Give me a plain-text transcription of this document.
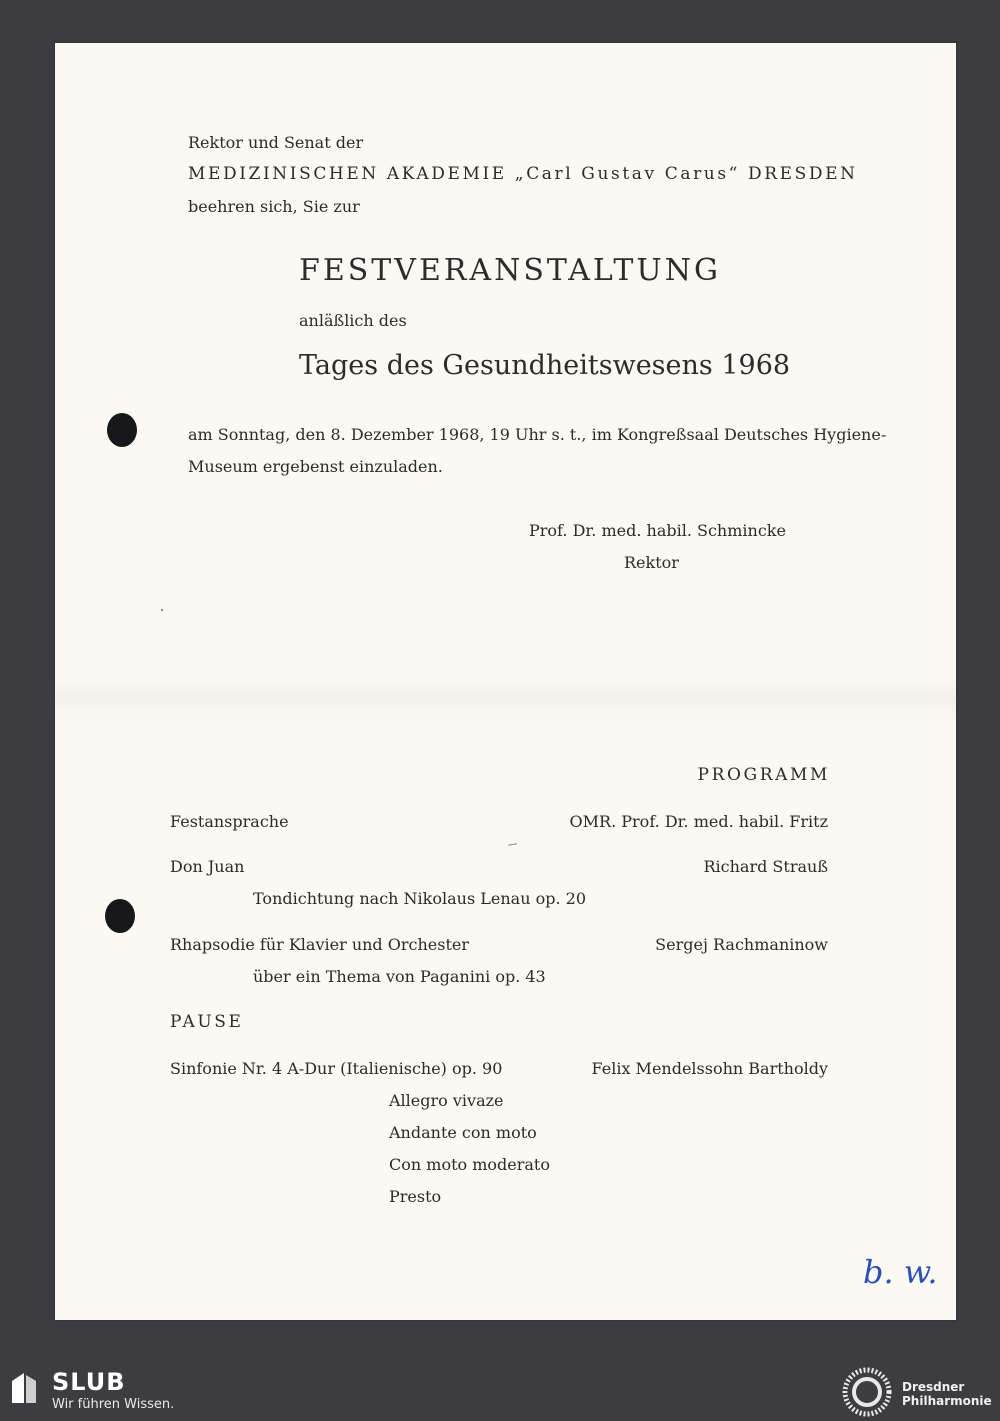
Rektor und Senat der
MEDIZINISCHEN AKADEMIE „Carl Gustav Carus“ DRESDEN
beehren sich, Sie zur
FESTVERANSTALTUNG
anläßlich des
Tages des Gesundheitswesens 1968
am Sonntag, den 8. Dezember 1968, 19 Uhr s. t., im Kongreßsaal Deutsches Hygiene-
Museum ergebenst einzuladen.
Prof. Dr. med. habil. Schmincke
Rektor
PROGRAMM
Festansprache	OMR. Prof. Dr. med. habil. Fritz
Don Juan	Richard Strauß
Tondichtung nach Nikolaus Lenau op. 20
Rhapsodie für Klavier und Orchester	Sergej Rachmaninow
über ein Thema von Paganini op. 43
PAUSE
Sinfonie Nr. 4 A-Dur (Italienische) op. 90	Felix Mendelssohn Bartholdy
Allegro vivaze
Andante con moto
Con moto moderato
Presto
b. w.
SLUB
Wir führen Wissen.
Dresdner
Philharmonie
